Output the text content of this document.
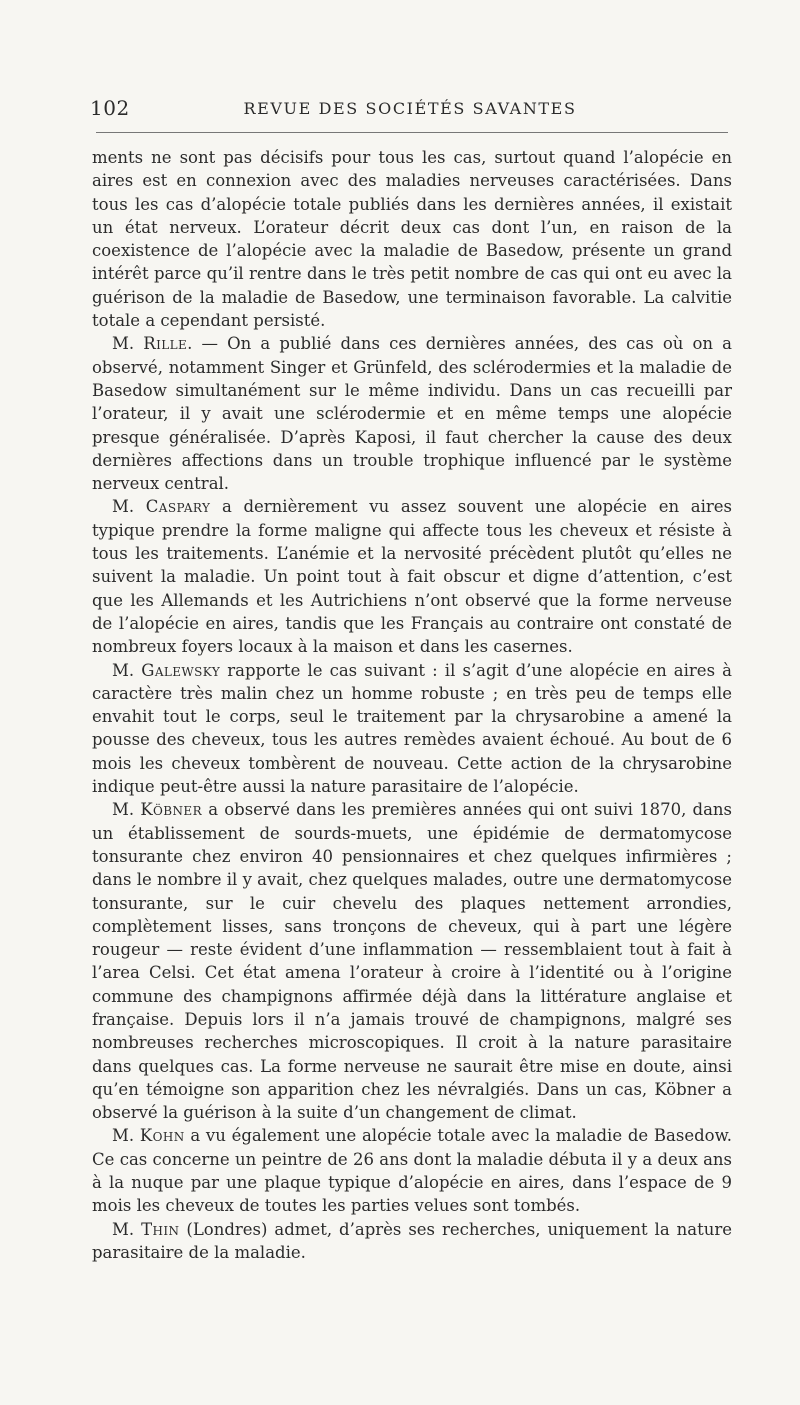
102	REVUE DES SOCIÉTÉS SAVANTES

ments ne sont pas décisifs pour tous les cas, surtout quand l’alopécie en aires est en connexion avec des maladies nerveuses caractérisées. Dans tous les cas d’alopécie totale publiés dans les dernières années, il existait un état nerveux. L’orateur décrit deux cas dont l’un, en raison de la coexistence de l’alopécie avec la maladie de Basedow, présente un grand intérêt parce qu’il rentre dans le très petit nombre de cas qui ont eu avec la guérison de la maladie de Basedow, une terminaison favorable. La calvitie totale a cependant persisté.

M. Rille. — On a publié dans ces dernières années, des cas où on a observé, notamment Singer et Grünfeld, des sclérodermies et la maladie de Basedow simultanément sur le même individu. Dans un cas recueilli par l’orateur, il y avait une sclérodermie et en même temps une alopécie presque généralisée. D’après Kaposi, il faut chercher la cause des deux dernières affections dans un trouble trophique influencé par le système nerveux central.

M. Caspary a dernièrement vu assez souvent une alopécie en aires typique prendre la forme maligne qui affecte tous les cheveux et résiste à tous les traitements. L’anémie et la nervosité précèdent plutôt qu’elles ne suivent la maladie. Un point tout à fait obscur et digne d’attention, c’est que les Allemands et les Autrichiens n’ont observé que la forme nerveuse de l’alopécie en aires, tandis que les Français au contraire ont constaté de nombreux foyers locaux à la maison et dans les casernes.

M. Galewsky rapporte le cas suivant : il s’agit d’une alopécie en aires à caractère très malin chez un homme robuste ; en très peu de temps elle envahit tout le corps, seul le traitement par la chrysarobine a amené la pousse des cheveux, tous les autres remèdes avaient échoué. Au bout de 6 mois les cheveux tombèrent de nouveau. Cette action de la chrysarobine indique peut-être aussi la nature parasitaire de l’alopécie.

M. Köbner a observé dans les premières années qui ont suivi 1870, dans un établissement de sourds-muets, une épidémie de dermatomycose tonsurante chez environ 40 pensionnaires et chez quelques infirmières ; dans le nombre il y avait, chez quelques malades, outre une dermatomycose tonsurante, sur le cuir chevelu des plaques nettement arrondies, complètement lisses, sans tronçons de cheveux, qui à part une légère rougeur — reste évident d’une inflammation — ressemblaient tout à fait à l’area Celsi. Cet état amena l’orateur à croire à l’identité ou à l’origine commune des champignons affirmée déjà dans la littérature anglaise et française. Depuis lors il n’a jamais trouvé de champignons, malgré ses nombreuses recherches microscopiques. Il croit à la nature parasitaire dans quelques cas. La forme nerveuse ne saurait être mise en doute, ainsi qu’en témoigne son apparition chez les névralgiés. Dans un cas, Köbner a observé la guérison à la suite d’un changement de climat.

M. Kohn a vu également une alopécie totale avec la maladie de Basedow. Ce cas concerne un peintre de 26 ans dont la maladie débuta il y a deux ans à la nuque par une plaque typique d’alopécie en aires, dans l’espace de 9 mois les cheveux de toutes les parties velues sont tombés.

M. Thin (Londres) admet, d’après ses recherches, uniquement la nature parasitaire de la maladie.
